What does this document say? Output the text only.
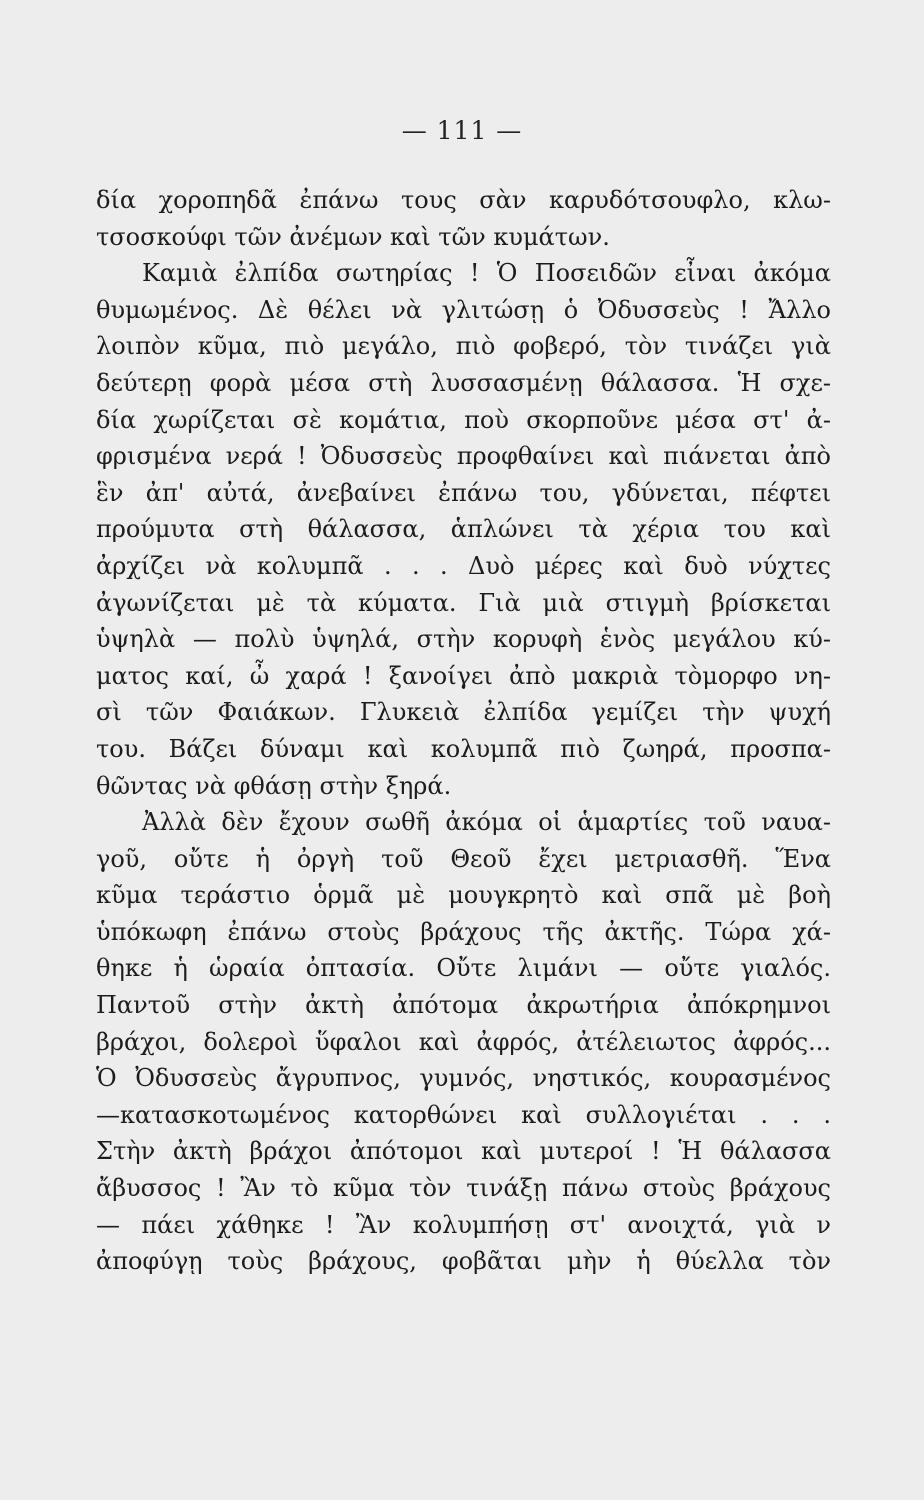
— 111 —
δία χοροπηδᾶ ἐπάνω τους σὰν καρυδότσουφλο, κλω-
τσοσκούφι τῶν ἀνέμων καὶ τῶν κυμάτων.
Καμιὰ ἐλπίδα σωτηρίας ! Ὁ Ποσειδῶν εἶναι ἀκόμα
θυμωμένος. Δὲ θέλει νὰ γλιτώσῃ ὁ Ὀδυσσεὺς ! Ἄλλο
λοιπὸν κῦμα, πιὸ μεγάλο, πιὸ φοβερό, τὸν τινάζει γιὰ
δεύτερῃ φορὰ μέσα στὴ λυσσασμένῃ θάλασσα. Ἡ σχε-
δία χωρίζεται σὲ κομάτια, ποὺ σκορποῦνε μέσα στ' ἀ-
φρισμένα νερά ! Ὀδυσσεὺς προφθαίνει καὶ πιάνεται ἀπὸ
ἓν ἀπ' αὐτά, ἀνεβαίνει ἐπάνω του, γδύνεται, πέφτει
προύμυτα στὴ θάλασσα, ἁπλώνει τὰ χέρια του καὶ
ἀρχίζει νὰ κολυμπᾶ . . . Δυὸ μέρες καὶ δυὸ νύχτες
ἀγωνίζεται μὲ τὰ κύματα. Γιὰ μιὰ στιγμὴ βρίσκεται
ὑψηλὰ — πολὺ ὑψηλά, στὴν κορυφὴ ἑνὸς μεγάλου κύ-
ματος καί, ὦ χαρά ! ξανοίγει ἀπὸ μακριὰ τὸμορφο νη-
σὶ τῶν Φαιάκων. Γλυκειὰ ἐλπίδα γεμίζει τὴν ψυχή
του. Βάζει δύναμι καὶ κολυμπᾶ πιὸ ζωηρά, προσπα-
θῶντας νὰ φθάσῃ στὴν ξηρά.
Ἀλλὰ δὲν ἔχουν σωθῆ ἀκόμα οἱ ἁμαρτίες τοῦ ναυα-
γοῦ, οὔτε ἡ ὀργὴ τοῦ Θεοῦ ἔχει μετριασθῆ. Ἕνα
κῦμα τεράστιο ὁρμᾶ μὲ μουγκρητὸ καὶ σπᾶ μὲ βοὴ
ὑπόκωφη ἐπάνω στοὺς βράχους τῆς ἀκτῆς. Τώρα χά-
θηκε ἡ ὡραία ὀπτασία. Οὔτε λιμάνι — οὔτε γιαλός.
Παντοῦ στὴν ἀκτὴ ἀπότομα ἀκρωτήρια ἀπόκρημνοι
βράχοι, δολεροὶ ὕφαλοι καὶ ἀφρός, ἀτέλειωτος ἀφρός...
Ὁ Ὀδυσσεὺς ἄγρυπνος, γυμνός, νηστικός, κουρασμένος
—κατασκοτωμένος κατορθώνει καὶ συλλογιέται . . .
Στὴν ἀκτὴ βράχοι ἀπότομοι καὶ μυτεροί ! Ἡ θάλασσα
ἄβυσσος ! Ἂν τὸ κῦμα τὸν τινάξῃ πάνω στοὺς βράχους
— πάει χάθηκε ! Ἂν κολυμπήσῃ στ' ανοιχτά, γιὰ ν
ἀποφύγῃ τοὺς βράχους, φοβᾶται μὴν ἡ θύελλα τὸν
